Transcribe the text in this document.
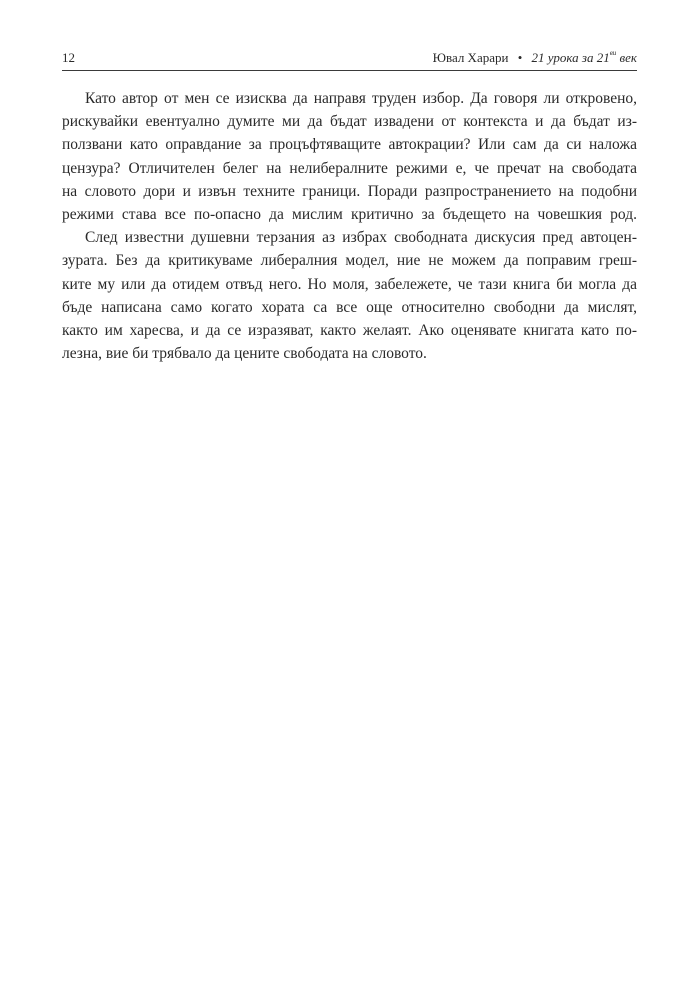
12	Ювал Харари • 21 урока за $21^{ви}$ век
Като автор от мен се изисква да направя труден избор. Да говоря ли откровено,
рискувайки евентуално думите ми да бъдат извадени от контекста и да бъдат из-
ползвани като оправдание за процъфтяващите автокрации? Или сам да си наложа
цензура? Отличителен белег на нелибералните режими е, че пречат на свободата
на словото дори и извън техните граници. Поради разпространението на подобни
режими става все по-опасно да мислим критично за бъдещето на човешкия род.
След известни душевни терзания аз избрах свободната дискусия пред автоцен-
зурата. Без да критикуваме либералния модел, ние не можем да поправим греш-
ките му или да отидем отвъд него. Но моля, забележете, че тази книга би могла да
бъде написана само когато хората са все още относително свободни да мислят,
както им харесва, и да се изразяват, както желаят. Ако оценявате книгата като по-
лезна, вие би трябвало да цените свободата на словото.
